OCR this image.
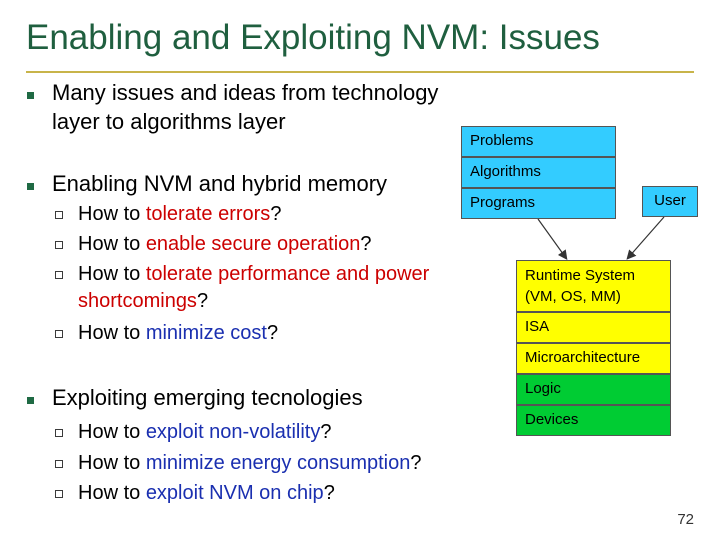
Enabling and Exploiting NVM: Issues
Many issues and ideas from technology
layer to algorithms layer
Enabling NVM and hybrid memory
How to tolerate errors?
How to enable secure operation?
How to tolerate performance and power
shortcomings?
How to minimize cost?
Exploiting emerging tecnologies
How to exploit non-volatility?
How to minimize energy consumption?
How to exploit NVM on chip?
Problems
Algorithms
Programs	User
Runtime System
(VM, OS, MM)
ISA
Microarchitecture
Logic
Devices
72
